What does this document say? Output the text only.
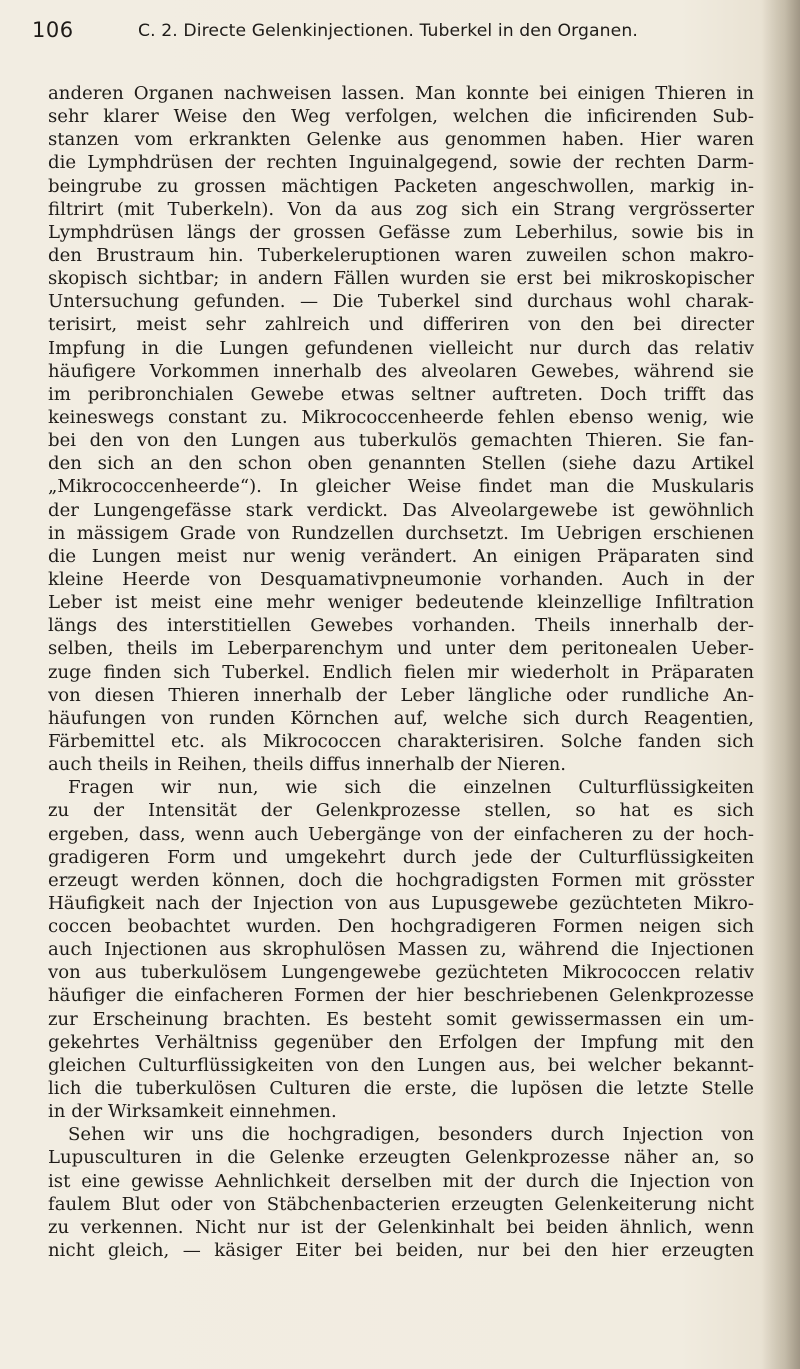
106	C. 2. Directe Gelenkinjectionen. Tuberkel in den Organen.
anderen Organen nachweisen lassen. Man konnte bei einigen Thieren in
sehr klarer Weise den Weg verfolgen, welchen die inficirenden Sub-
stanzen vom erkrankten Gelenke aus genommen haben. Hier waren
die Lymphdrüsen der rechten Inguinalgegend, sowie der rechten Darm-
beingrube zu grossen mächtigen Packeten angeschwollen, markig in-
filtrirt (mit Tuberkeln). Von da aus zog sich ein Strang vergrösserter
Lymphdrüsen längs der grossen Gefässe zum Leberhilus, sowie bis in
den Brustraum hin. Tuberkeleruptionen waren zuweilen schon makro-
skopisch sichtbar; in andern Fällen wurden sie erst bei mikroskopischer
Untersuchung gefunden. — Die Tuberkel sind durchaus wohl charak-
terisirt, meist sehr zahlreich und differiren von den bei directer
Impfung in die Lungen gefundenen vielleicht nur durch das relativ
häufigere Vorkommen innerhalb des alveolaren Gewebes, während sie
im peribronchialen Gewebe etwas seltner auftreten. Doch trifft das
keineswegs constant zu. Mikrococcenheerde fehlen ebenso wenig, wie
bei den von den Lungen aus tuberkulös gemachten Thieren. Sie fan-
den sich an den schon oben genannten Stellen (siehe dazu Artikel
„Mikrococcenheerde“). In gleicher Weise findet man die Muskularis
der Lungengefässe stark verdickt. Das Alveolargewebe ist gewöhnlich
in mässigem Grade von Rundzellen durchsetzt. Im Uebrigen erschienen
die Lungen meist nur wenig verändert. An einigen Präparaten sind
kleine Heerde von Desquamativpneumonie vorhanden. Auch in der
Leber ist meist eine mehr weniger bedeutende kleinzellige Infiltration
längs des interstitiellen Gewebes vorhanden. Theils innerhalb der-
selben, theils im Leberparenchym und unter dem peritonealen Ueber-
zuge finden sich Tuberkel. Endlich fielen mir wiederholt in Präparaten
von diesen Thieren innerhalb der Leber längliche oder rundliche An-
häufungen von runden Körnchen auf, welche sich durch Reagentien,
Färbemittel etc. als Mikrococcen charakterisiren. Solche fanden sich
auch theils in Reihen, theils diffus innerhalb der Nieren.
Fragen wir nun, wie sich die einzelnen Culturflüssigkeiten
zu der Intensität der Gelenkprozesse stellen, so hat es sich
ergeben, dass, wenn auch Uebergänge von der einfacheren zu der hoch-
gradigeren Form und umgekehrt durch jede der Culturflüssigkeiten
erzeugt werden können, doch die hochgradigsten Formen mit grösster
Häufigkeit nach der Injection von aus Lupusgewebe gezüchteten Mikro-
coccen beobachtet wurden. Den hochgradigeren Formen neigen sich
auch Injectionen aus skrophulösen Massen zu, während die Injectionen
von aus tuberkulösem Lungengewebe gezüchteten Mikrococcen relativ
häufiger die einfacheren Formen der hier beschriebenen Gelenkprozesse
zur Erscheinung brachten. Es besteht somit gewissermassen ein um-
gekehrtes Verhältniss gegenüber den Erfolgen der Impfung mit den
gleichen Culturflüssigkeiten von den Lungen aus, bei welcher bekannt-
lich die tuberkulösen Culturen die erste, die lupösen die letzte Stelle
in der Wirksamkeit einnehmen.
Sehen wir uns die hochgradigen, besonders durch Injection von
Lupusculturen in die Gelenke erzeugten Gelenkprozesse näher an, so
ist eine gewisse Aehnlichkeit derselben mit der durch die Injection von
faulem Blut oder von Stäbchenbacterien erzeugten Gelenkeiterung nicht
zu verkennen. Nicht nur ist der Gelenkinhalt bei beiden ähnlich, wenn
nicht gleich, — käsiger Eiter bei beiden, nur bei den hier erzeugten
